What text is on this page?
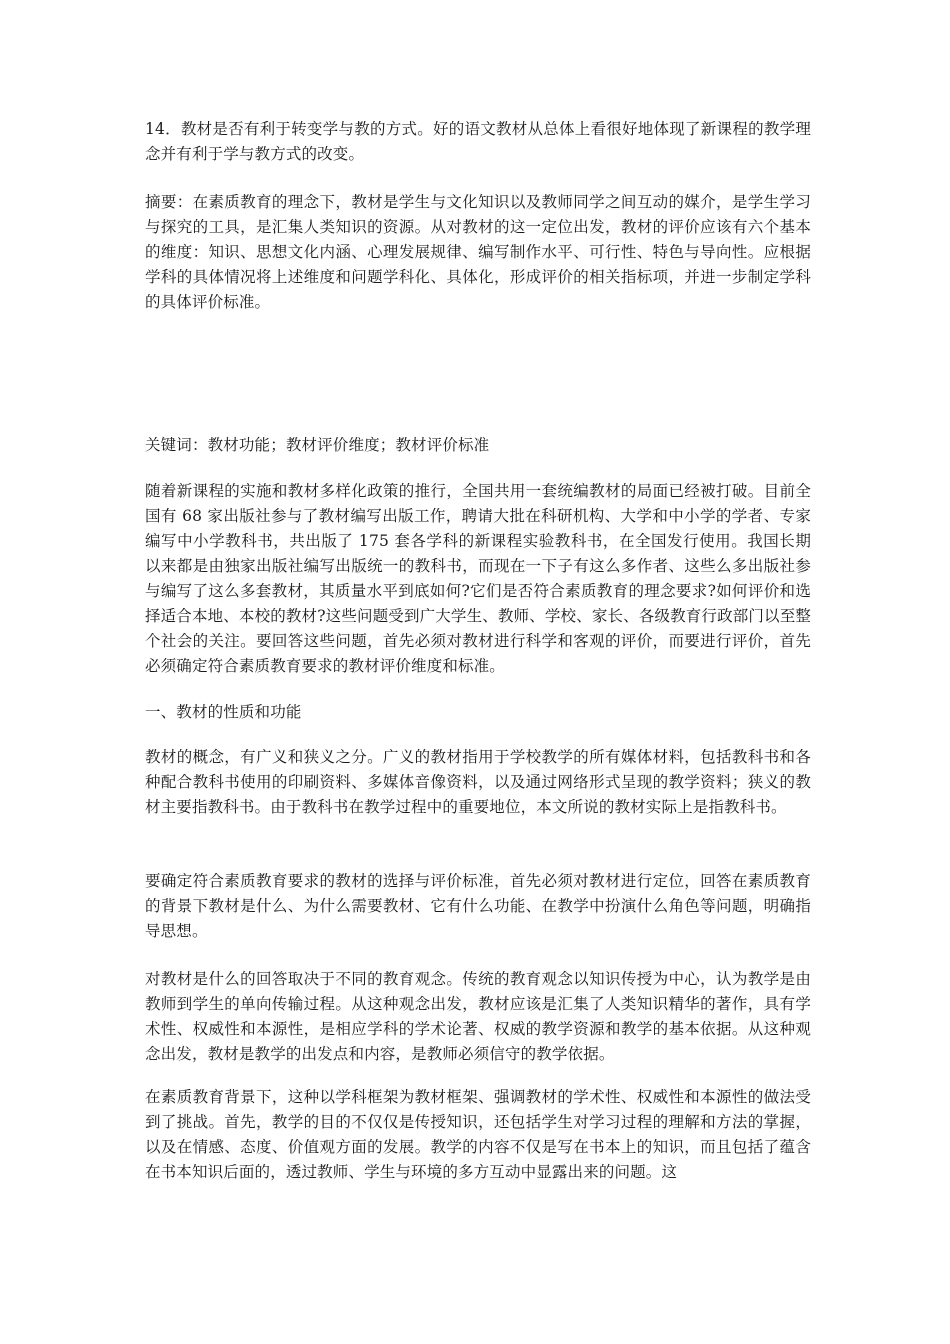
14．教材是否有利于转变学与教的方式。好的语文教材从总体上看很好地体现了新课程的教学理念并有利于学与教方式的改变。

摘要：在素质教育的理念下，教材是学生与文化知识以及教师同学之间互动的媒介，是学生学习与探究的工具，是汇集人类知识的资源。从对教材的这一定位出发，教材的评价应该有六个基本的维度：知识、思想文化内涵、心理发展规律、编写制作水平、可行性、特色与导向性。应根据学科的具体情况将上述维度和问题学科化、具体化，形成评价的相关指标项，并进一步制定学科的具体评价标准。

关键词：教材功能；教材评价维度；教材评价标准

随着新课程的实施和教材多样化政策的推行，全国共用一套统编教材的局面已经被打破。目前全国有 68 家出版社参与了教材编写出版工作，聘请大批在科研机构、大学和中小学的学者、专家编写中小学教科书，共出版了 175 套各学科的新课程实验教科书，在全国发行使用。我国长期以来都是由独家出版社编写出版统一的教科书，而现在一下子有这么多作者、这些么多出版社参与编写了这么多套教材，其质量水平到底如何?它们是否符合素质教育的理念要求?如何评价和选择适合本地、本校的教材?这些问题受到广大学生、教师、学校、家长、各级教育行政部门以至整个社会的关注。要回答这些问题，首先必须对教材进行科学和客观的评价，而要进行评价，首先必须确定符合素质教育要求的教材评价维度和标准。

一、教材的性质和功能

教材的概念，有广义和狭义之分。广义的教材指用于学校教学的所有媒体材料，包括教科书和各种配合教科书使用的印刷资料、多媒体音像资料，以及通过网络形式呈现的教学资料；狭义的教材主要指教科书。由于教科书在教学过程中的重要地位，本文所说的教材实际上是指教科书。

要确定符合素质教育要求的教材的选择与评价标准，首先必须对教材进行定位，回答在素质教育的背景下教材是什么、为什么需要教材、它有什么功能、在教学中扮演什么角色等问题，明确指导思想。

对教材是什么的回答取决于不同的教育观念。传统的教育观念以知识传授为中心，认为教学是由教师到学生的单向传输过程。从这种观念出发，教材应该是汇集了人类知识精华的著作，具有学术性、权威性和本源性，是相应学科的学术论著、权威的教学资源和教学的基本依据。从这种观念出发，教材是教学的出发点和内容，是教师必须信守的教学依据。

在素质教育背景下，这种以学科框架为教材框架、强调教材的学术性、权威性和本源性的做法受到了挑战。首先，教学的目的不仅仅是传授知识，还包括学生对学习过程的理解和方法的掌握，以及在情感、态度、价值观方面的发展。教学的内容不仅是写在书本上的知识，而且包括了蕴含在书本知识后面的，透过教师、学生与环境的多方互动中显露出来的问题。这
